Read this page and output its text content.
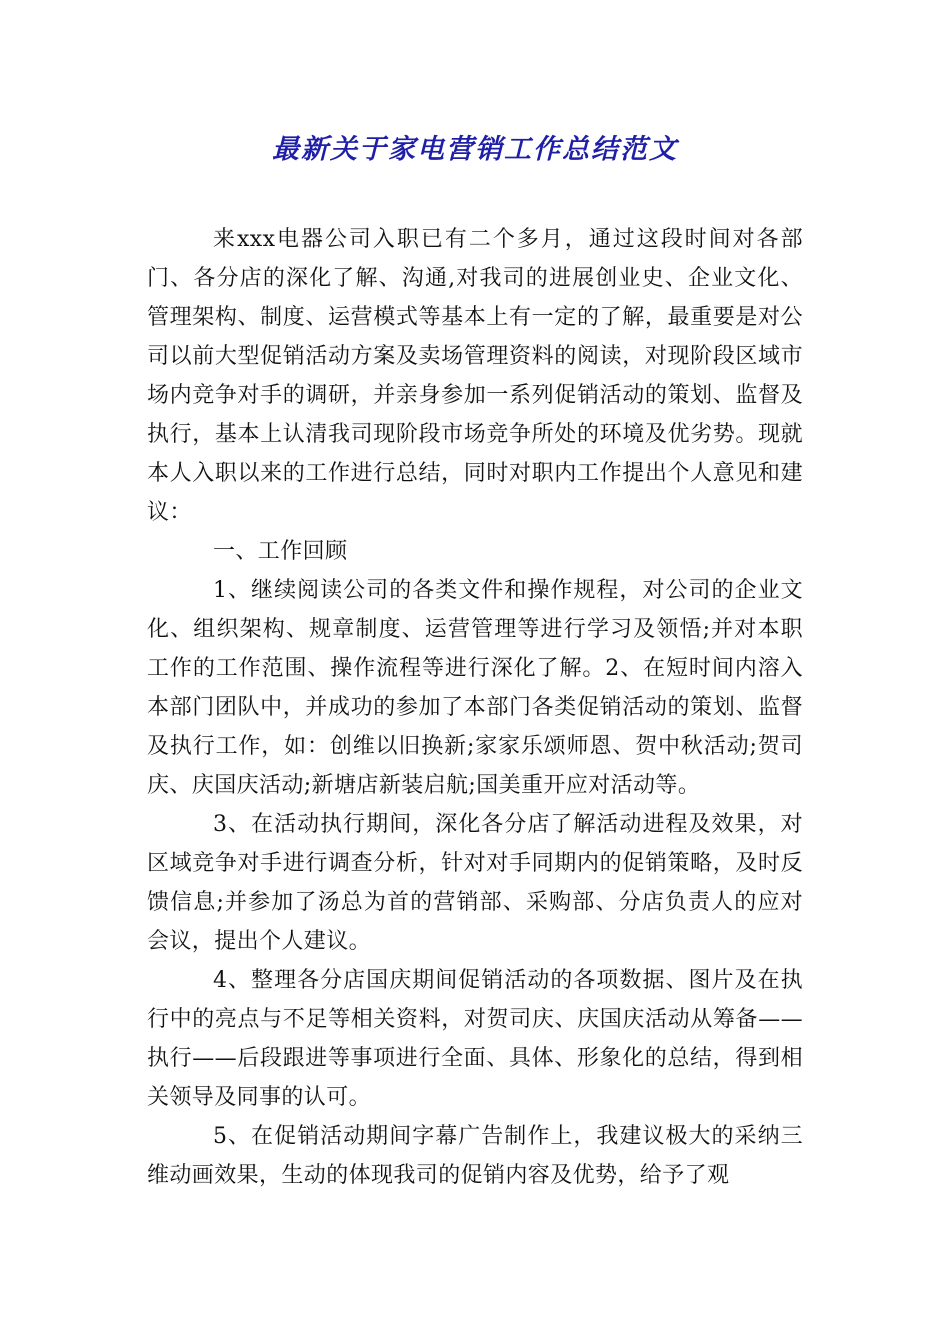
最新关于家电营销工作总结范文

来xxx电器公司入职已有二个多月，通过这段时间对各部门、各分店的深化了解、沟通,对我司的进展创业史、企业文化、管理架构、制度、运营模式等基本上有一定的了解，最重要是对公司以前大型促销活动方案及卖场管理资料的阅读，对现阶段区域市场内竞争对手的调研，并亲身参加一系列促销活动的策划、监督及执行，基本上认清我司现阶段市场竞争所处的环境及优劣势。现就本人入职以来的工作进行总结，同时对职内工作提出个人意见和建议：

一、工作回顾

1、继续阅读公司的各类文件和操作规程，对公司的企业文化、组织架构、规章制度、运营管理等进行学习及领悟;并对本职工作的工作范围、操作流程等进行深化了解。2、在短时间内溶入本部门团队中，并成功的参加了本部门各类促销活动的策划、监督及执行工作，如：创维以旧换新;家家乐颂师恩、贺中秋活动;贺司庆、庆国庆活动;新塘店新装启航;国美重开应对活动等。

3、在活动执行期间，深化各分店了解活动进程及效果，对区域竞争对手进行调查分析，针对对手同期内的促销策略，及时反馈信息;并参加了汤总为首的营销部、采购部、分店负责人的应对会议，提出个人建议。

4、整理各分店国庆期间促销活动的各项数据、图片及在执行中的亮点与不足等相关资料，对贺司庆、庆国庆活动从筹备——执行——后段跟进等事项进行全面、具体、形象化的总结，得到相关领导及同事的认可。

5、在促销活动期间字幕广告制作上，我建议极大的采纳三维动画效果，生动的体现我司的促销内容及优势，给予了观
